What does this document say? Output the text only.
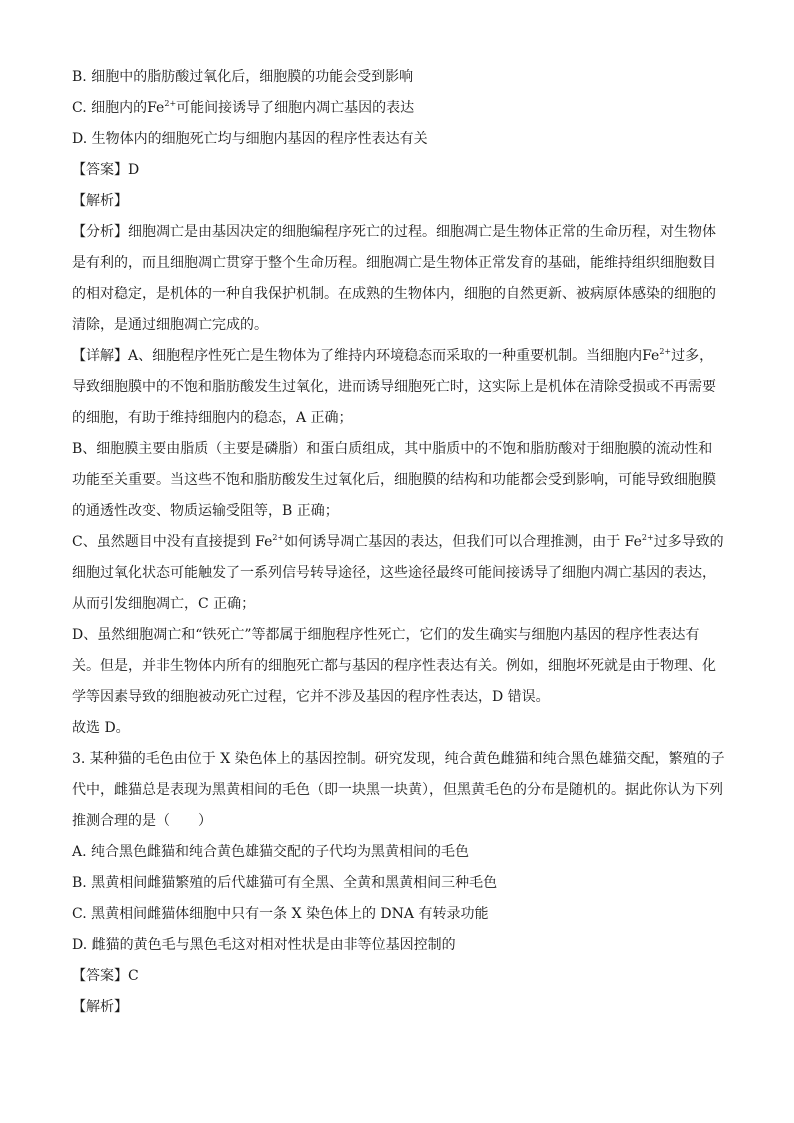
B. 细胞中的脂肪酸过氧化后，细胞膜的功能会受到影响

C. 细胞内的$Fe^{2+}$可能间接诱导了细胞内凋亡基因的表达

D. 生物体内的细胞死亡均与细胞内基因的程序性表达有关

【答案】D

【解析】

【分析】细胞凋亡是由基因决定的细胞编程序死亡的过程。细胞凋亡是生物体正常的生命历程，对生物体
是有利的，而且细胞凋亡贯穿于整个生命历程。细胞凋亡是生物体正常发育的基础，能维持组织细胞数目
的相对稳定，是机体的一种自我保护机制。在成熟的生物体内，细胞的自然更新、被病原体感染的细胞的
清除，是通过细胞凋亡完成的。
【详解】A、细胞程序性死亡是生物体为了维持内环境稳态而采取的一种重要机制。当细胞内$Fe^{2+}$过多，
导致细胞膜中的不饱和脂肪酸发生过氧化，进而诱导细胞死亡时，这实际上是机体在清除受损或不再需要
的细胞，有助于维持细胞内的稳态，A 正确；
B、细胞膜主要由脂质（主要是磷脂）和蛋白质组成，其中脂质中的不饱和脂肪酸对于细胞膜的流动性和
功能至关重要。当这些不饱和脂肪酸发生过氧化后，细胞膜的结构和功能都会受到影响，可能导致细胞膜
的通透性改变、物质运输受阻等，B 正确；
C、虽然题目中没有直接提到 $Fe^{2+}$如何诱导凋亡基因的表达，但我们可以合理推测，由于 $Fe^{2+}$过多导致的
细胞过氧化状态可能触发了一系列信号转导途径，这些途径最终可能间接诱导了细胞内凋亡基因的表达，
从而引发细胞凋亡，C 正确；
D、虽然细胞凋亡和“铁死亡”等都属于细胞程序性死亡，它们的发生确实与细胞内基因的程序性表达有
关。但是，并非生物体内所有的细胞死亡都与基因的程序性表达有关。例如，细胞坏死就是由于物理、化
学等因素导致的细胞被动死亡过程，它并不涉及基因的程序性表达，D 错误。

故选 D。

3. 某种猫的毛色由位于 X 染色体上的基因控制。研究发现，纯合黄色雌猫和纯合黑色雄猫交配，繁殖的子
代中，雌猫总是表现为黑黄相间的毛色（即一块黑一块黄），但黑黄毛色的分布是随机的。据此你认为下列
推测合理的是（　　）

A. 纯合黑色雌猫和纯合黄色雄猫交配的子代均为黑黄相间的毛色

B. 黑黄相间雌猫繁殖的后代雄猫可有全黑、全黄和黑黄相间三种毛色

C. 黑黄相间雌猫体细胞中只有一条 X 染色体上的 DNA 有转录功能

D. 雌猫的黄色毛与黑色毛这对相对性状是由非等位基因控制的

【答案】C

【解析】
